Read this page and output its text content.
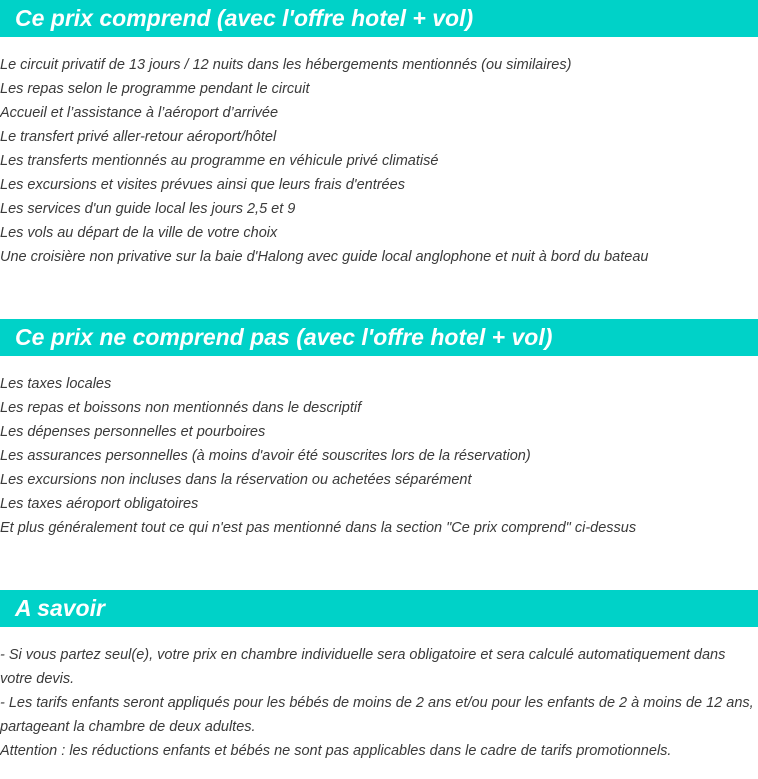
Ce prix comprend (avec l'offre hotel + vol)
Le circuit privatif de 13 jours / 12 nuits dans les hébergements mentionnés (ou similaires)
Les repas selon le programme pendant le circuit
Accueil et l’assistance à l’aéroport d’arrivée
Le transfert privé aller-retour aéroport/hôtel
Les transferts mentionnés au programme en véhicule privé climatisé
Les excursions et visites prévues ainsi que leurs frais d'entrées
Les services d'un guide local les jours 2,5 et 9
Les vols au départ de la ville de votre choix
Une croisière non privative sur la baie d'Halong avec guide local anglophone et nuit à bord du bateau
Ce prix ne comprend pas (avec l'offre hotel + vol)
Les taxes locales
Les repas et boissons non mentionnés dans le descriptif
Les dépenses personnelles et pourboires
Les assurances personnelles (à moins d'avoir été souscrites lors de la réservation)
Les excursions non incluses dans la réservation ou achetées séparément
Les taxes aéroport obligatoires
Et plus généralement tout ce qui n'est pas mentionné dans la section "Ce prix comprend" ci-dessus
A savoir
- Si vous partez seul(e), votre prix en chambre individuelle sera obligatoire et sera calculé automatiquement dans votre devis.
- Les tarifs enfants seront appliqués pour les bébés de moins de 2 ans et/ou pour les enfants de 2 à moins de 12 ans, partageant la chambre de deux adultes.
Attention : les réductions enfants et bébés ne sont pas applicables dans le cadre de tarifs promotionnels.
